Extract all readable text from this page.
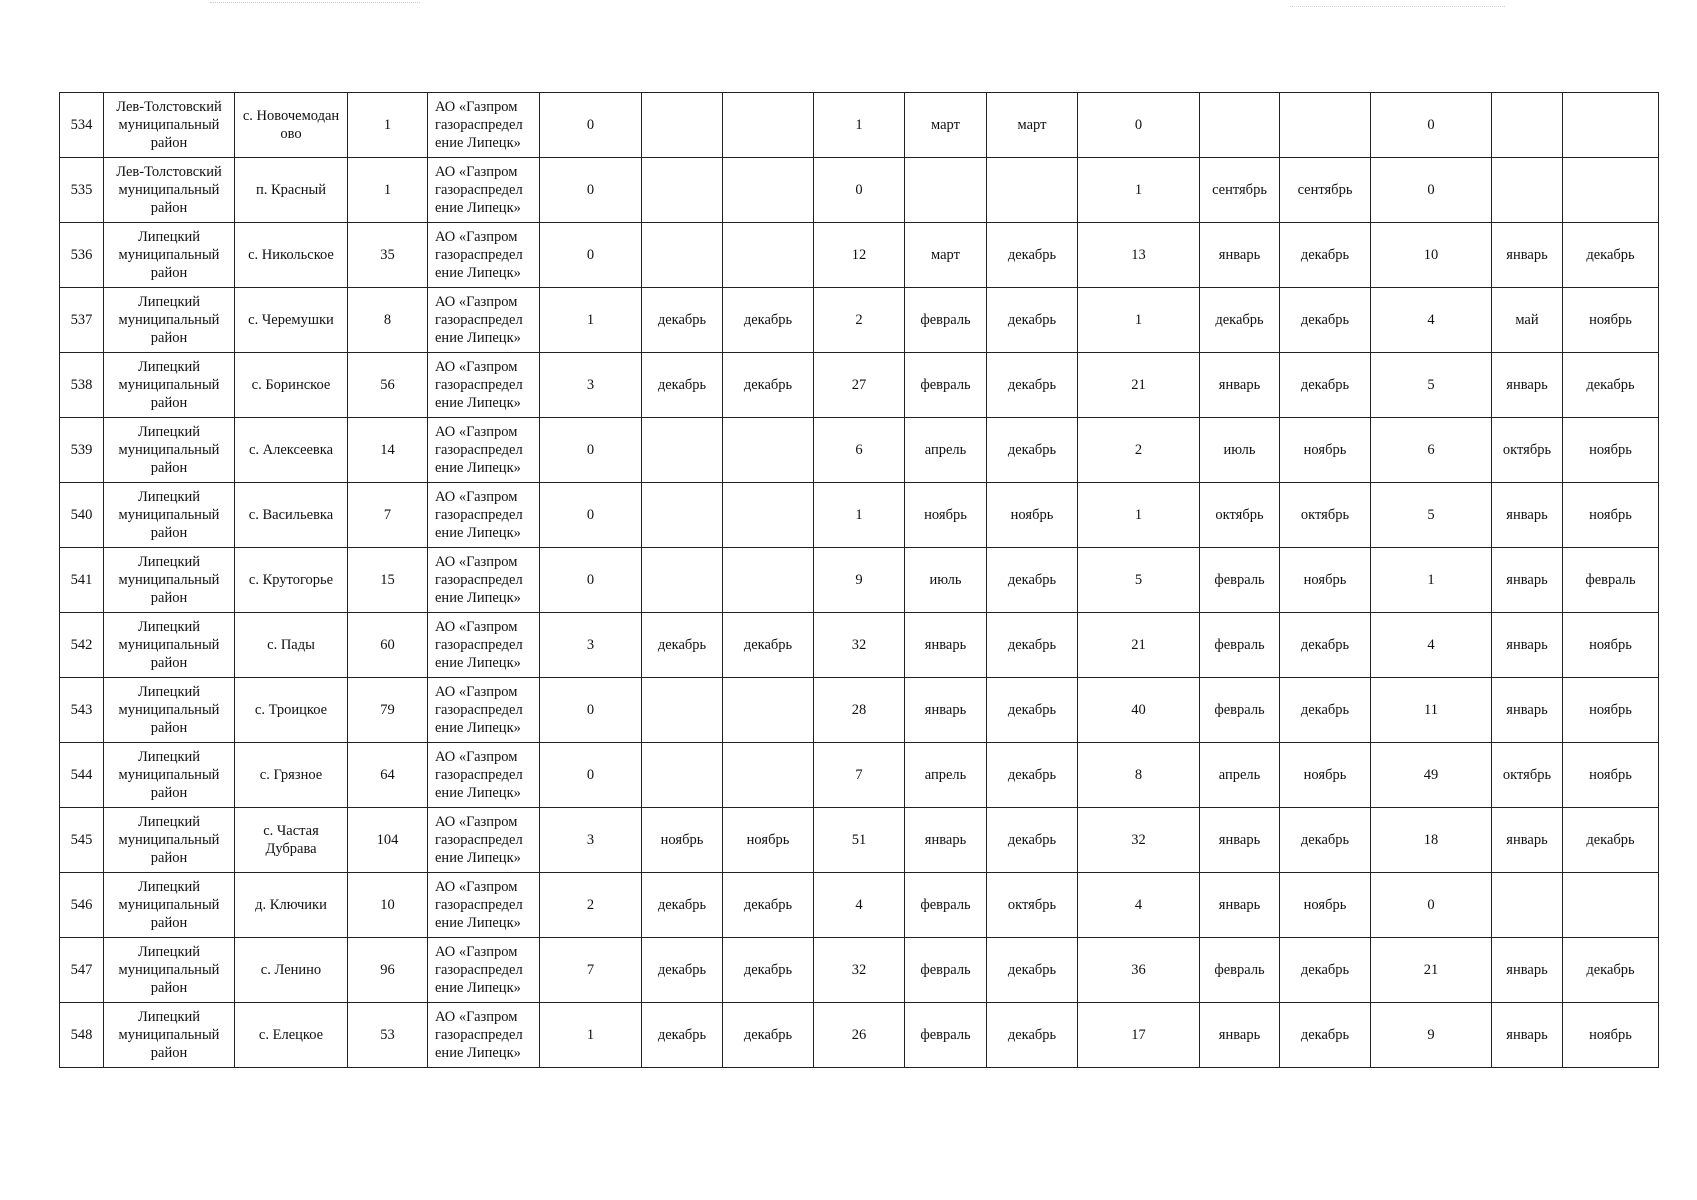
534	Лев-Толстовский муниципальный район	с. Новочемодан ово	1	АО «Газпром газораспредел ение Липецк»	0			1	март	март	0			0		
535	Лев-Толстовский муниципальный район	п. Красный	1	АО «Газпром газораспредел ение Липецк»	0			0			1	сентябрь	сентябрь	0		
536	Липецкий муниципальный район	с. Никольское	35	АО «Газпром газораспредел ение Липецк»	0			12	март	декабрь	13	январь	декабрь	10	январь	декабрь
537	Липецкий муниципальный район	с. Черемушки	8	АО «Газпром газораспредел ение Липецк»	1	декабрь	декабрь	2	февраль	декабрь	1	декабрь	декабрь	4	май	ноябрь
538	Липецкий муниципальный район	с. Боринское	56	АО «Газпром газораспредел ение Липецк»	3	декабрь	декабрь	27	февраль	декабрь	21	январь	декабрь	5	январь	декабрь
539	Липецкий муниципальный район	с. Алексеевка	14	АО «Газпром газораспредел ение Липецк»	0			6	апрель	декабрь	2	июль	ноябрь	6	октябрь	ноябрь
540	Липецкий муниципальный район	с. Васильевка	7	АО «Газпром газораспредел ение Липецк»	0			1	ноябрь	ноябрь	1	октябрь	октябрь	5	январь	ноябрь
541	Липецкий муниципальный район	с. Крутогорье	15	АО «Газпром газораспредел ение Липецк»	0			9	июль	декабрь	5	февраль	ноябрь	1	январь	февраль
542	Липецкий муниципальный район	с. Пады	60	АО «Газпром газораспредел ение Липецк»	3	декабрь	декабрь	32	январь	декабрь	21	февраль	декабрь	4	январь	ноябрь
543	Липецкий муниципальный район	с. Троицкое	79	АО «Газпром газораспредел ение Липецк»	0			28	январь	декабрь	40	февраль	декабрь	11	январь	ноябрь
544	Липецкий муниципальный район	с. Грязное	64	АО «Газпром газораспредел ение Липецк»	0			7	апрель	декабрь	8	апрель	ноябрь	49	октябрь	ноябрь
545	Липецкий муниципальный район	с. Частая Дубрава	104	АО «Газпром газораспредел ение Липецк»	3	ноябрь	ноябрь	51	январь	декабрь	32	январь	декабрь	18	январь	декабрь
546	Липецкий муниципальный район	д. Ключики	10	АО «Газпром газораспредел ение Липецк»	2	декабрь	декабрь	4	февраль	октябрь	4	январь	ноябрь	0		
547	Липецкий муниципальный район	с. Ленино	96	АО «Газпром газораспредел ение Липецк»	7	декабрь	декабрь	32	февраль	декабрь	36	февраль	декабрь	21	январь	декабрь
548	Липецкий муниципальный район	с. Елецкое	53	АО «Газпром газораспредел ение Липецк»	1	декабрь	декабрь	26	февраль	декабрь	17	январь	декабрь	9	январь	ноябрь
